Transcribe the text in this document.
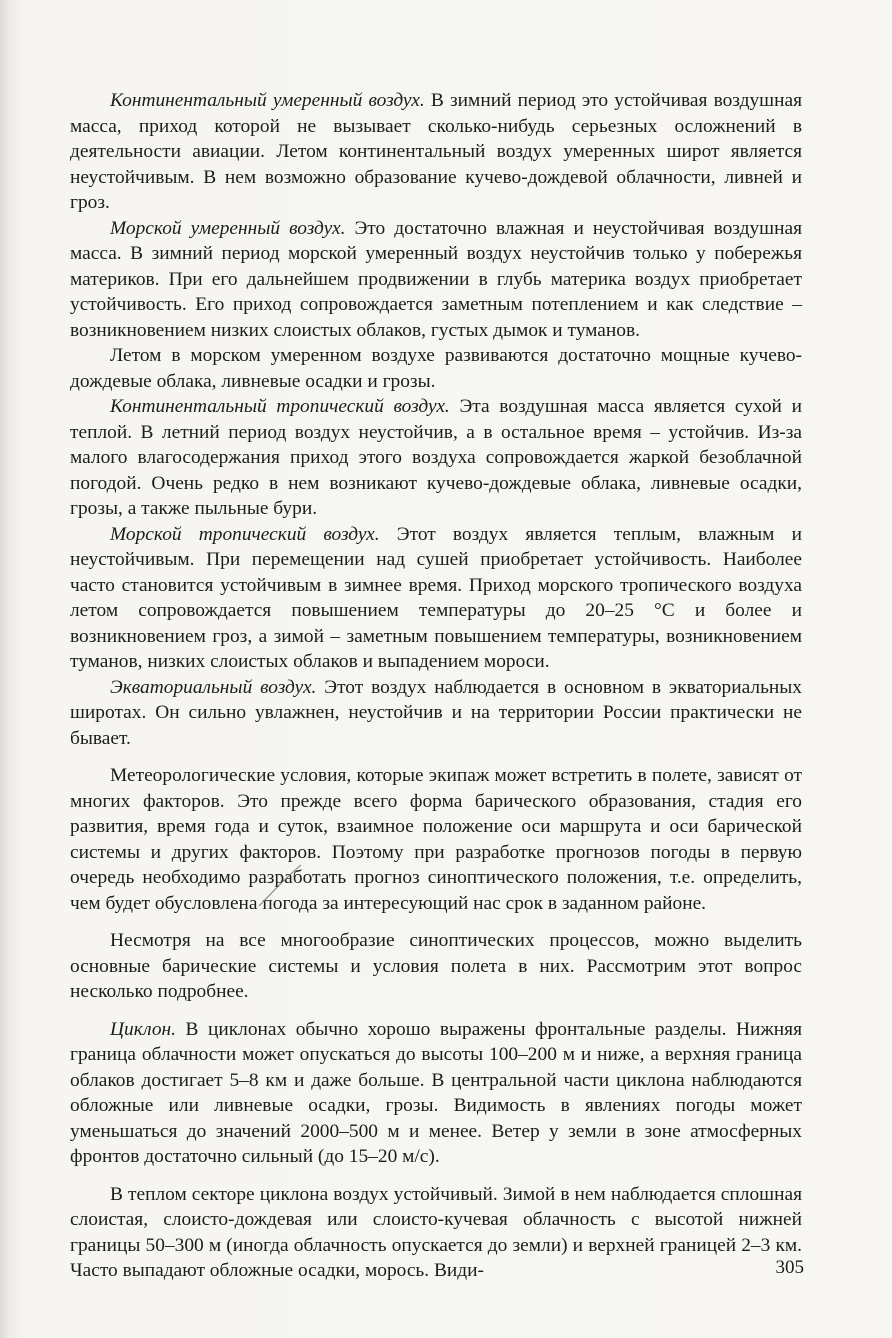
Континентальный умеренный воздух. В зимний период это устойчивая воздушная масса, приход которой не вызывает сколько-нибудь серьезных осложнений в деятельности авиации. Летом континентальный воздух умеренных широт является неустойчивым. В нем возможно образование кучево-дождевой облачности, ливней и гроз.

Морской умеренный воздух. Это достаточно влажная и неустойчивая воздушная масса. В зимний период морской умеренный воздух неустойчив только у побережья материков. При его дальнейшем продвижении в глубь материка воздух приобретает устойчивость. Его приход сопровождается заметным потеплением и как следствие – возникновением низких слоистых облаков, густых дымок и туманов.

Летом в морском умеренном воздухе развиваются достаточно мощные кучево-дождевые облака, ливневые осадки и грозы.

Континентальный тропический воздух. Эта воздушная масса является сухой и теплой. В летний период воздух неустойчив, а в остальное время – устойчив. Из-за малого влагосодержания приход этого воздуха сопровождается жаркой безоблачной погодой. Очень редко в нем возникают кучево-дождевые облака, ливневые осадки, грозы, а также пыльные бури.

Морской тропический воздух. Этот воздух является теплым, влажным и неустойчивым. При перемещении над сушей приобретает устойчивость. Наиболее часто становится устойчивым в зимнее время. Приход морского тропического воздуха летом сопровождается повышением температуры до 20–25 °С и более и возникновением гроз, а зимой – заметным повышением температуры, возникновением туманов, низких слоистых облаков и выпадением мороси.

Экваториальный воздух. Этот воздух наблюдается в основном в экваториальных широтах. Он сильно увлажнен, неустойчив и на территории России практически не бывает.

Метеорологические условия, которые экипаж может встретить в полете, зависят от многих факторов. Это прежде всего форма барического образования, стадия его развития, время года и суток, взаимное положение оси маршрута и оси барической системы и других факторов. Поэтому при разработке прогнозов погоды в первую очередь необходимо разработать прогноз синоптического положения, т.е. определить, чем будет обусловлена погода за интересующий нас срок в заданном районе.

Несмотря на все многообразие синоптических процессов, можно выделить основные барические системы и условия полета в них. Рассмотрим этот вопрос несколько подробнее.

Циклон. В циклонах обычно хорошо выражены фронтальные разделы. Нижняя граница облачности может опускаться до высоты 100–200 м и ниже, а верхняя граница облаков достигает 5–8 км и даже больше. В центральной части циклона наблюдаются обложные или ливневые осадки, грозы. Видимость в явлениях погоды может уменьшаться до значений 2000–500 м и менее. Ветер у земли в зоне атмосферных фронтов достаточно сильный (до 15–20 м/с).

В теплом секторе циклона воздух устойчивый. Зимой в нем наблюдается сплошная слоистая, слоисто-дождевая или слоисто-кучевая облачность с высотой нижней границы 50–300 м (иногда облачность опускается до земли) и верхней границей 2–3 км. Часто выпадают обложные осадки, морось. Види-	305
